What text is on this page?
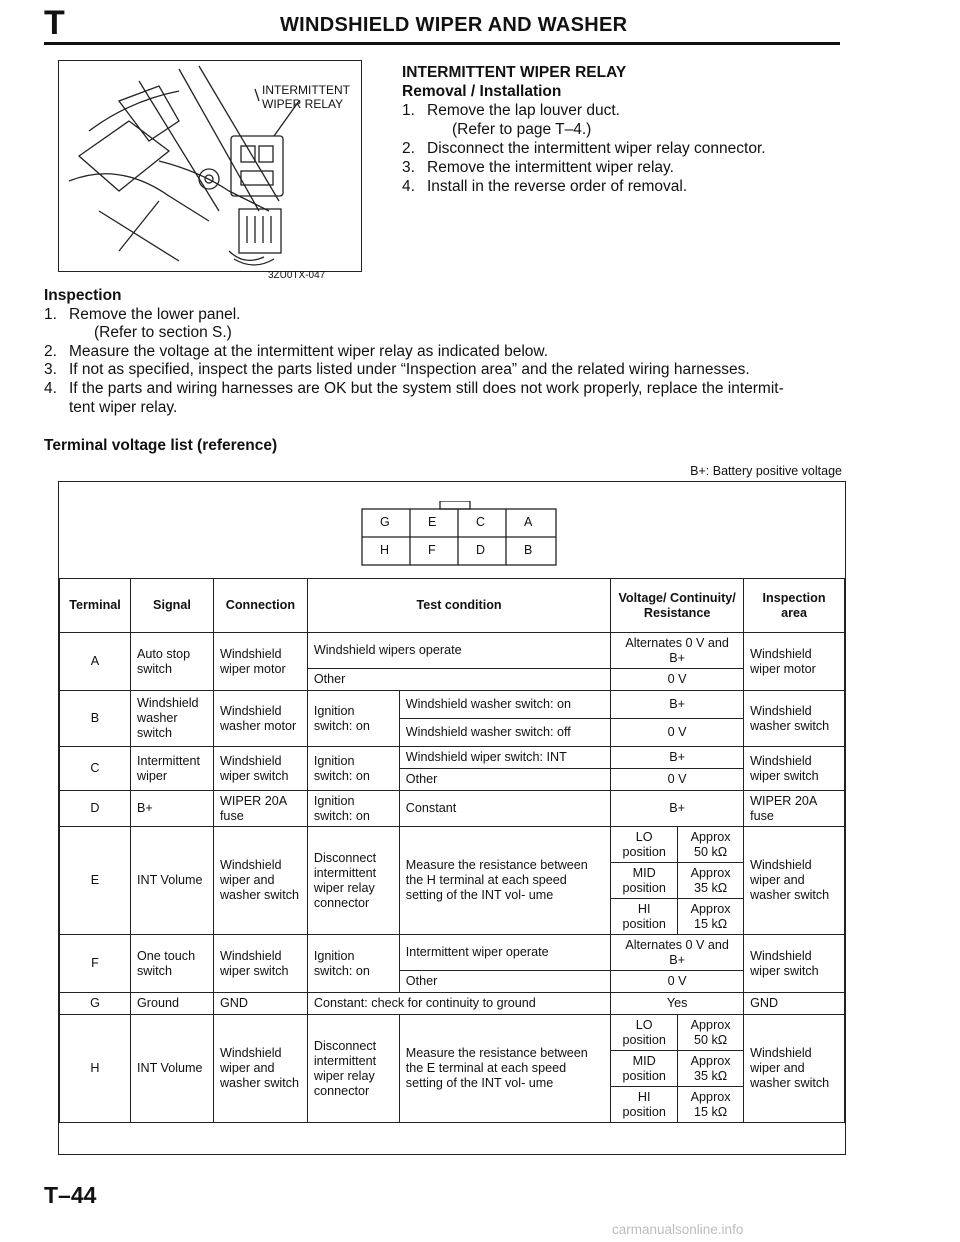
T	WINDSHIELD WIPER AND WASHER
INTERMITTENT
WIPER RELAY
3ZU0TX-047
INTERMITTENT WIPER RELAY
Removal / Installation
1. Remove the lap louver duct.
(Refer to page T–4.)
2. Disconnect the intermittent wiper relay connector.
3. Remove the intermittent wiper relay.
4. Install in the reverse order of removal.
Inspection
1. Remove the lower panel.
(Refer to section S.)
2. Measure the voltage at the intermittent wiper relay as indicated below.
3. If not as specified, inspect the parts listed under “Inspection area” and the related wiring harnesses.
4. If the parts and wiring harnesses are OK but the system still does not work properly, replace the intermit-
tent wiper relay.
Terminal voltage list (reference)
B+: Battery positive voltage
G	E	C	A
H	F	D	B
Terminal	Signal	Connection	Test condition		Voltage/ Continuity/ Resistance		Inspection area
A	Auto stop switch	Windshield wiper motor	Windshield wipers operate		Alternates 0 V and B+		Windshield wiper motor
			Other		0 V		
B	Windshield washer switch	Windshield washer motor	Ignition switch: on	Windshield washer switch: on	B+		Windshield washer switch
				Windshield washer switch: off	0 V		
C	Intermittent wiper	Windshield wiper switch	Ignition switch: on	Windshield wiper switch: INT	B+		Windshield wiper switch
				Other	0 V		
D	B+	WIPER 20A fuse	Ignition switch: on	Constant	B+		WIPER 20A fuse
E	INT Volume	Windshield wiper and washer switch	Disconnect intermittent wiper relay connector	Measure the resistance between the H terminal at each speed setting of the INT vol- ume	LO position	Approx 50 kΩ	Windshield wiper and washer switch
					MID position	Approx 35 kΩ	
					HI position	Approx 15 kΩ	
F	One touch switch	Windshield wiper switch	Ignition switch: on	Intermittent wiper operate	Alternates 0 V and B+		Windshield wiper switch
				Other	0 V		
G	Ground	GND	Constant: check for continuity to ground		Yes		GND
H	INT Volume	Windshield wiper and washer switch	Disconnect intermittent wiper relay connector	Measure the resistance between the E terminal at each speed setting of the INT vol- ume	LO position	Approx 50 kΩ	Windshield wiper and washer switch
					MID position	Approx 35 kΩ	
					HI position	Approx 15 kΩ	
T–44
carmanualsonline.info
